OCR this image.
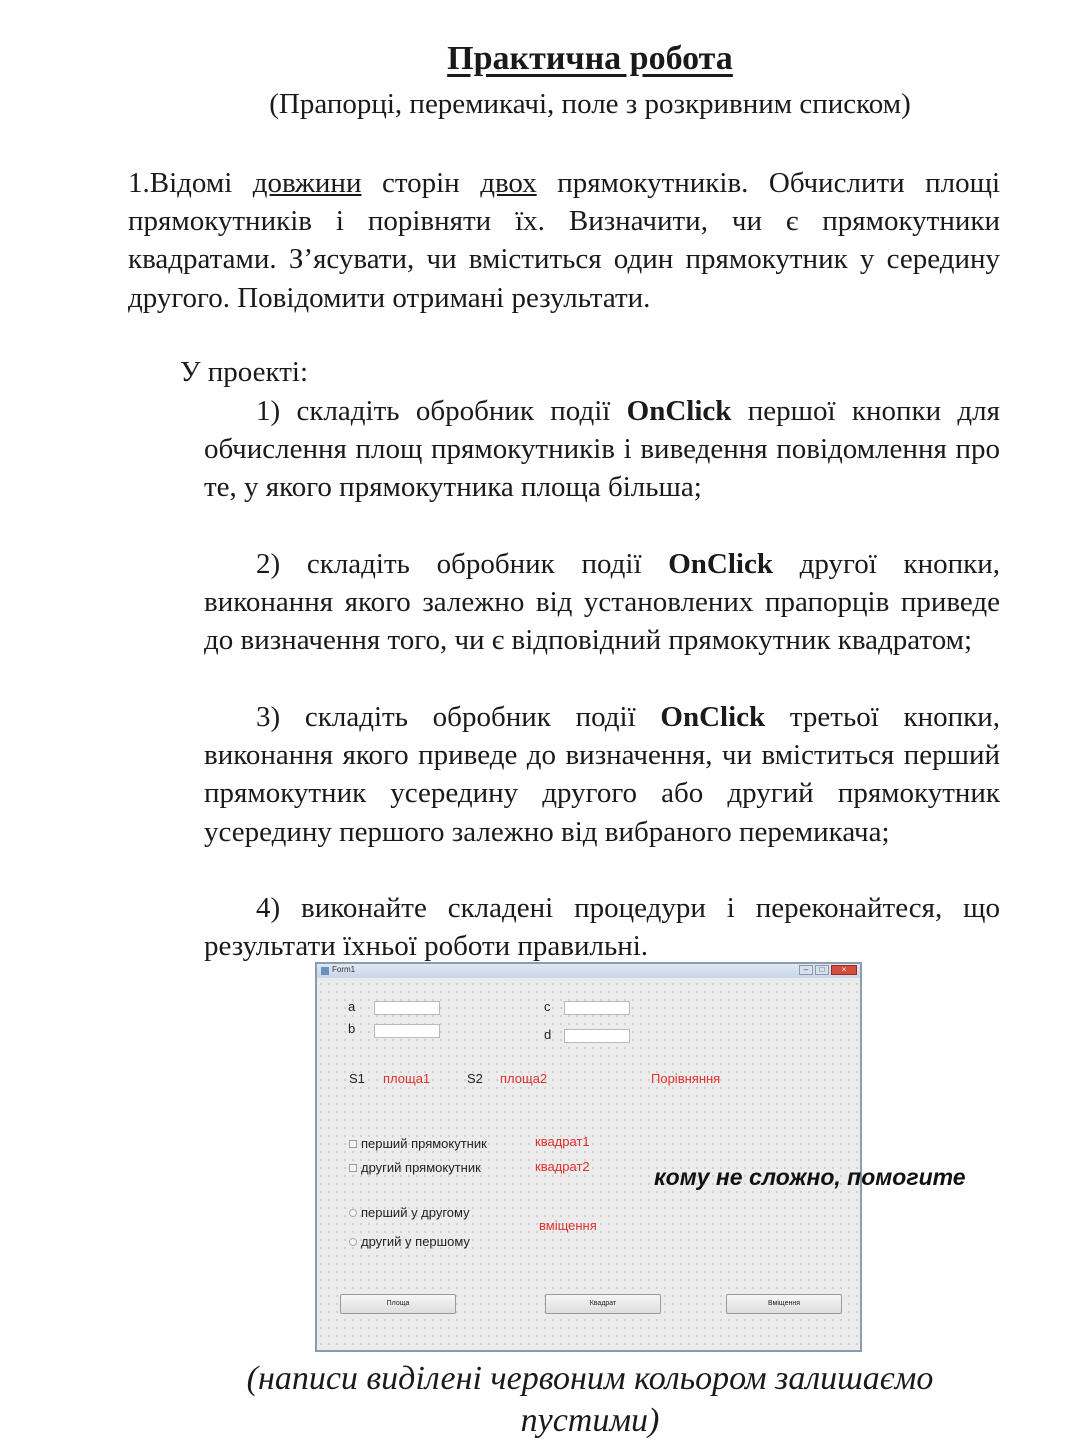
Практична робота
(Прапорці, перемикачі, поле з розкривним списком)

1.Відомі довжини сторін двох прямокутників. Обчислити площі прямокутників і порівняти їх. Визначити, чи є прямокутники квадратами. З’ясувати, чи вміститься один прямокутник у середину другого. Повідомити отримані результати.

У проекті:

1) складіть обробник події OnClick першої кнопки для обчислення площ прямокутників і виведення повідомлення про те, у якого прямокутника площа більша;

2) складіть обробник події OnClick другої кнопки, виконання якого залежно від установлених прапорців приведе до визначення того, чи є відповідний прямокутник квадратом;

3) складіть обробник події OnClick третьої кнопки, виконання якого приведе до визначення, чи вміститься перший прямокутник усередину другого або другий прямокутник усередину першого залежно від вибраного перемикача;

4) виконайте складені процедури і переконайтеся, що результати їхньої роботи правильні.

Form1	–	□	×
a
b
c
d
S1 площа1	S2 площа2	Порівняння
перший прямокутник
другий прямокутник
квадрат1
квадрат2
перший у другому
другий у першому
вміщення
Площа	Квадрат	Вміщення
кому не сложно, помогите
(написи виділені червоним кольором залишаємо пустими)
